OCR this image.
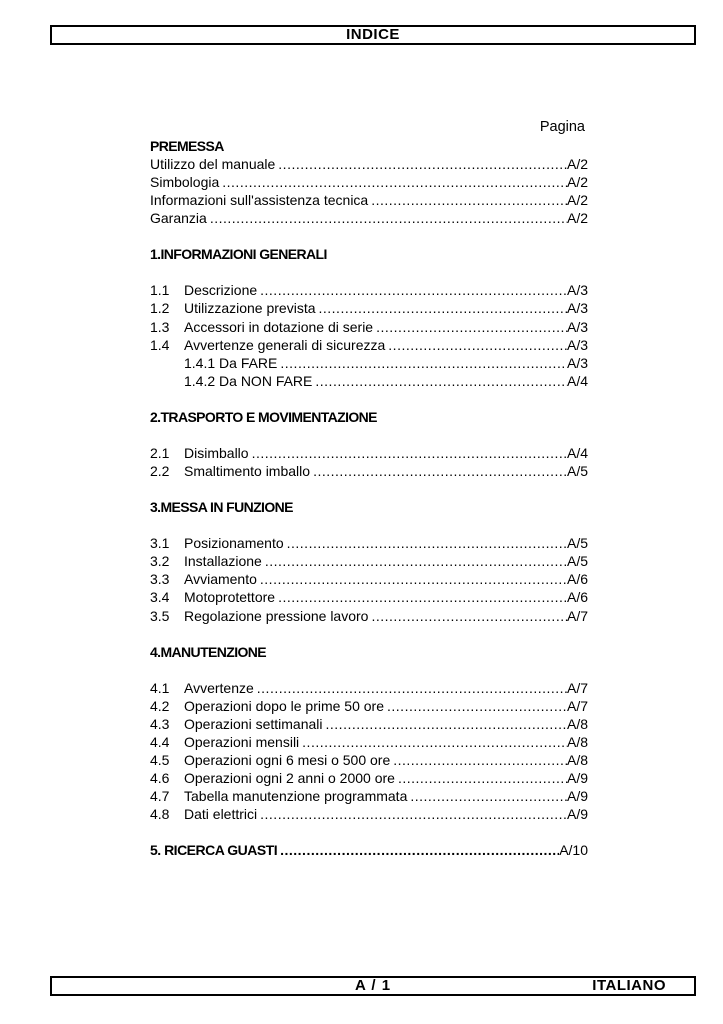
INDICE
Pagina
PREMESSA
Utilizzo del manuale .....	A/2
Simbologia .....	A/2
Informazioni sull'assistenza tecnica .....	A/2
Garanzia .....	A/2
1.INFORMAZIONI GENERALI
1.1	Descrizione .....	A/3
1.2	Utilizzazione prevista .....	A/3
1.3	Accessori in dotazione di serie .....	A/3
1.4	Avvertenze generali di sicurezza .....	A/3
1.4.1 Da FARE .....	A/3
1.4.2 Da NON FARE .....	A/4
2.TRASPORTO E MOVIMENTAZIONE
2.1	Disimballo .....	A/4
2.2	Smaltimento imballo .....	A/5
3.MESSA IN FUNZIONE
3.1	Posizionamento .....	A/5
3.2	Installazione .....	A/5
3.3	Avviamento .....	A/6
3.4	Motoprotettore .....	A/6
3.5	Regolazione pressione lavoro .....	A/7
4.MANUTENZIONE
4.1	Avvertenze .....	A/7
4.2	Operazioni dopo le prime 50 ore .....	A/7
4.3	Operazioni settimanali .....	A/8
4.4	Operazioni mensili .....	A/8
4.5	Operazioni ogni 6 mesi o 500 ore .....	A/8
4.6	Operazioni ogni 2 anni o 2000 ore .....	A/9
4.7	Tabella manutenzione programmata .....	A/9
4.8	Dati elettrici .....	A/9
5. RICERCA GUASTI .....	A/10
A / 1	ITALIANO
